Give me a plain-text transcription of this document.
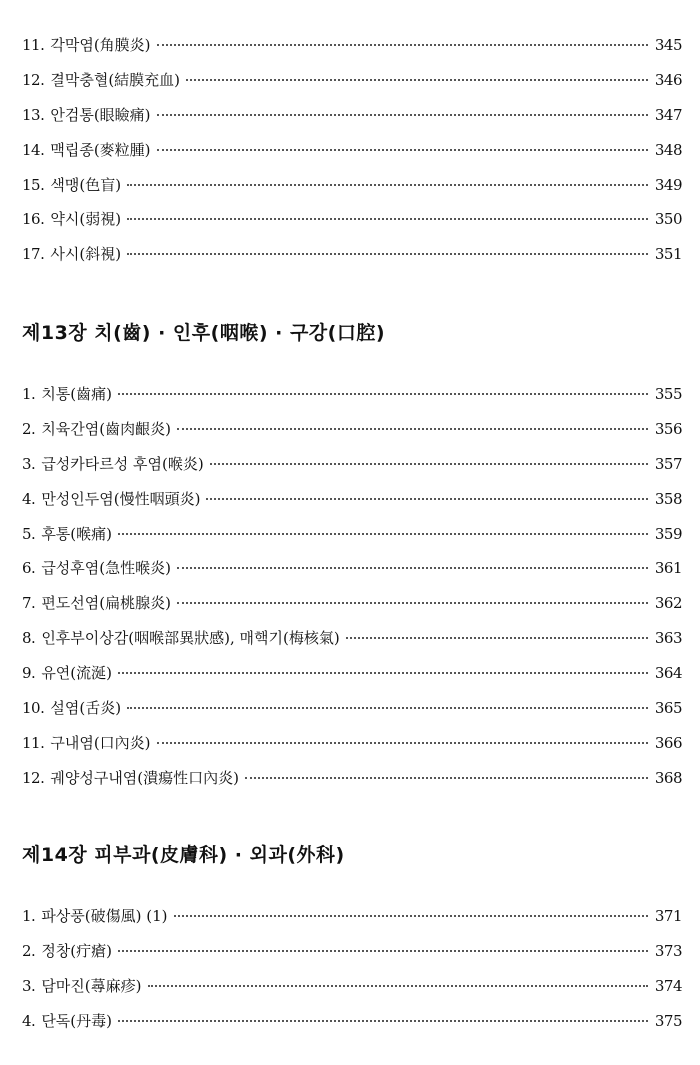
11. 각막염(角膜炎)	345
12. 결막충혈(結膜充血)	346
13. 안검통(眼瞼痛)	347
14. 맥립종(麥粒腫)	348
15. 색맹(色盲)	349
16. 약시(弱視)	350
17. 사시(斜視)	351
제13장 치(齒) · 인후(咽喉) · 구강(口腔)
1. 치통(齒痛)	355
2. 치육간염(齒肉齦炎)	356
3. 급성카타르성 후염(喉炎)	357
4. 만성인두염(慢性咽頭炎)	358
5. 후통(喉痛)	359
6. 급성후염(急性喉炎)	361
7. 편도선염(扁桃腺炎)	362
8. 인후부이상감(咽喉部異狀感), 매핵기(梅核氣)	363
9. 유연(流涎)	364
10. 설염(舌炎)	365
11. 구내염(口內炎)	366
12. 궤양성구내염(潰瘍性口內炎)	368
제14장 피부과(皮膚科) · 외과(外科)
1. 파상풍(破傷風) (1)	371
2. 정창(疔瘡)	373
3. 담마진(蕁麻疹)	374
4. 단독(丹毒)	375
